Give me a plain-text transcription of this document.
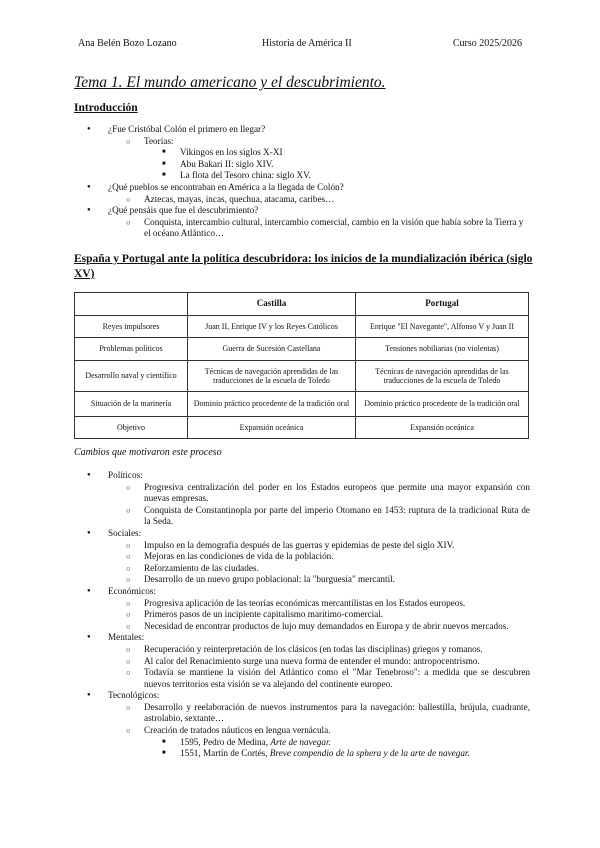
Ana Belén Bozo Lozano	Historia de América II	Curso 2025/2026
Tema 1. El mundo americano y el descubrimiento.
Introducción
● ¿Fue Cristóbal Colón el primero en llegar?
○ Teorías:
■ Vikingos en los siglos X-XI
■ Abu Bakari II: siglo XIV.
■ La flota del Tesoro china: siglo XV.
● ¿Qué pueblos se encontraban en América a la llegada de Colón?
○ Aztecas, mayas, incas, quechua, atacama, caribes…
● ¿Qué pensáis que fue el descubrimiento?
○ Conquista, intercambio cultural, intercambio comercial, cambio en la visión que había sobre la Tierra y el océano Atlántico…
España y Portugal ante la política descubridora: los inicios de la mundialización ibérica (siglo XV)
	Castilla	Portugal
Reyes impulsores	Juan II, Enrique IV y los Reyes Católicos	Enrique "El Navegante", Alfonso V y Juan II
Problemas políticos	Guerra de Sucesión Castellana	Tensiones nobiliarias (no violentas)
Desarrollo naval y científico	Técnicas de navegación aprendidas de las traducciones de la escuela de Toledo	Técnicas de navegación aprendidas de las traducciones de la escuela de Toledo
Situación de la marinería	Dominio práctico procedente de la tradición oral	Dominio práctico procedente de la tradición oral
Objetivo	Expansión oceánica	Expansión oceánica
Cambios que motivaron este proceso
● Políticos:
○ Progresiva centralización del poder en los Estados europeos que permite una mayor expansión con nuevas empresas.
○ Conquista de Constantinopla por parte del imperio Otomano en 1453: ruptura de la tradicional Ruta de la Seda.
● Sociales:
○ Impulso en la demografía después de las guerras y epidemias de peste del siglo XIV.
○ Mejoras en las condiciones de vida de la población.
○ Reforzamiento de las ciudades.
○ Desarrollo de un nuevo grupo poblacional: la "burguesía" mercantil.
● Económicos:
○ Progresiva aplicación de las teorías económicas mercantilistas en los Estados europeos.
○ Primeros pasos de un incipiente capitalismo marítimo-comercial.
○ Necesidad de encontrar productos de lujo muy demandados en Europa y de abrir nuevos mercados.
● Mentales:
○ Recuperación y reinterpretación de los clásicos (en todas las disciplinas) griegos y romanos.
○ Al calor del Renacimiento surge una nueva forma de entender el mundo: antropocentrismo.
○ Todavía se mantiene la visión del Atlántico como el "Mar Tenebroso": a medida que se descubren nuevos territorios esta visión se va alejando del continente europeo.
● Tecnológicos:
○ Desarrollo y reelaboración de nuevos instrumentos para la navegación: ballestilla, brújula, cuadrante, astrolabio, sextante…
○ Creación de tratados náuticos en lengua vernácula.
■ 1595, Pedro de Medina, Arte de navegar.
■ 1551, Martín de Cortés, Breve compendio de la sphera y de la arte de navegar.
